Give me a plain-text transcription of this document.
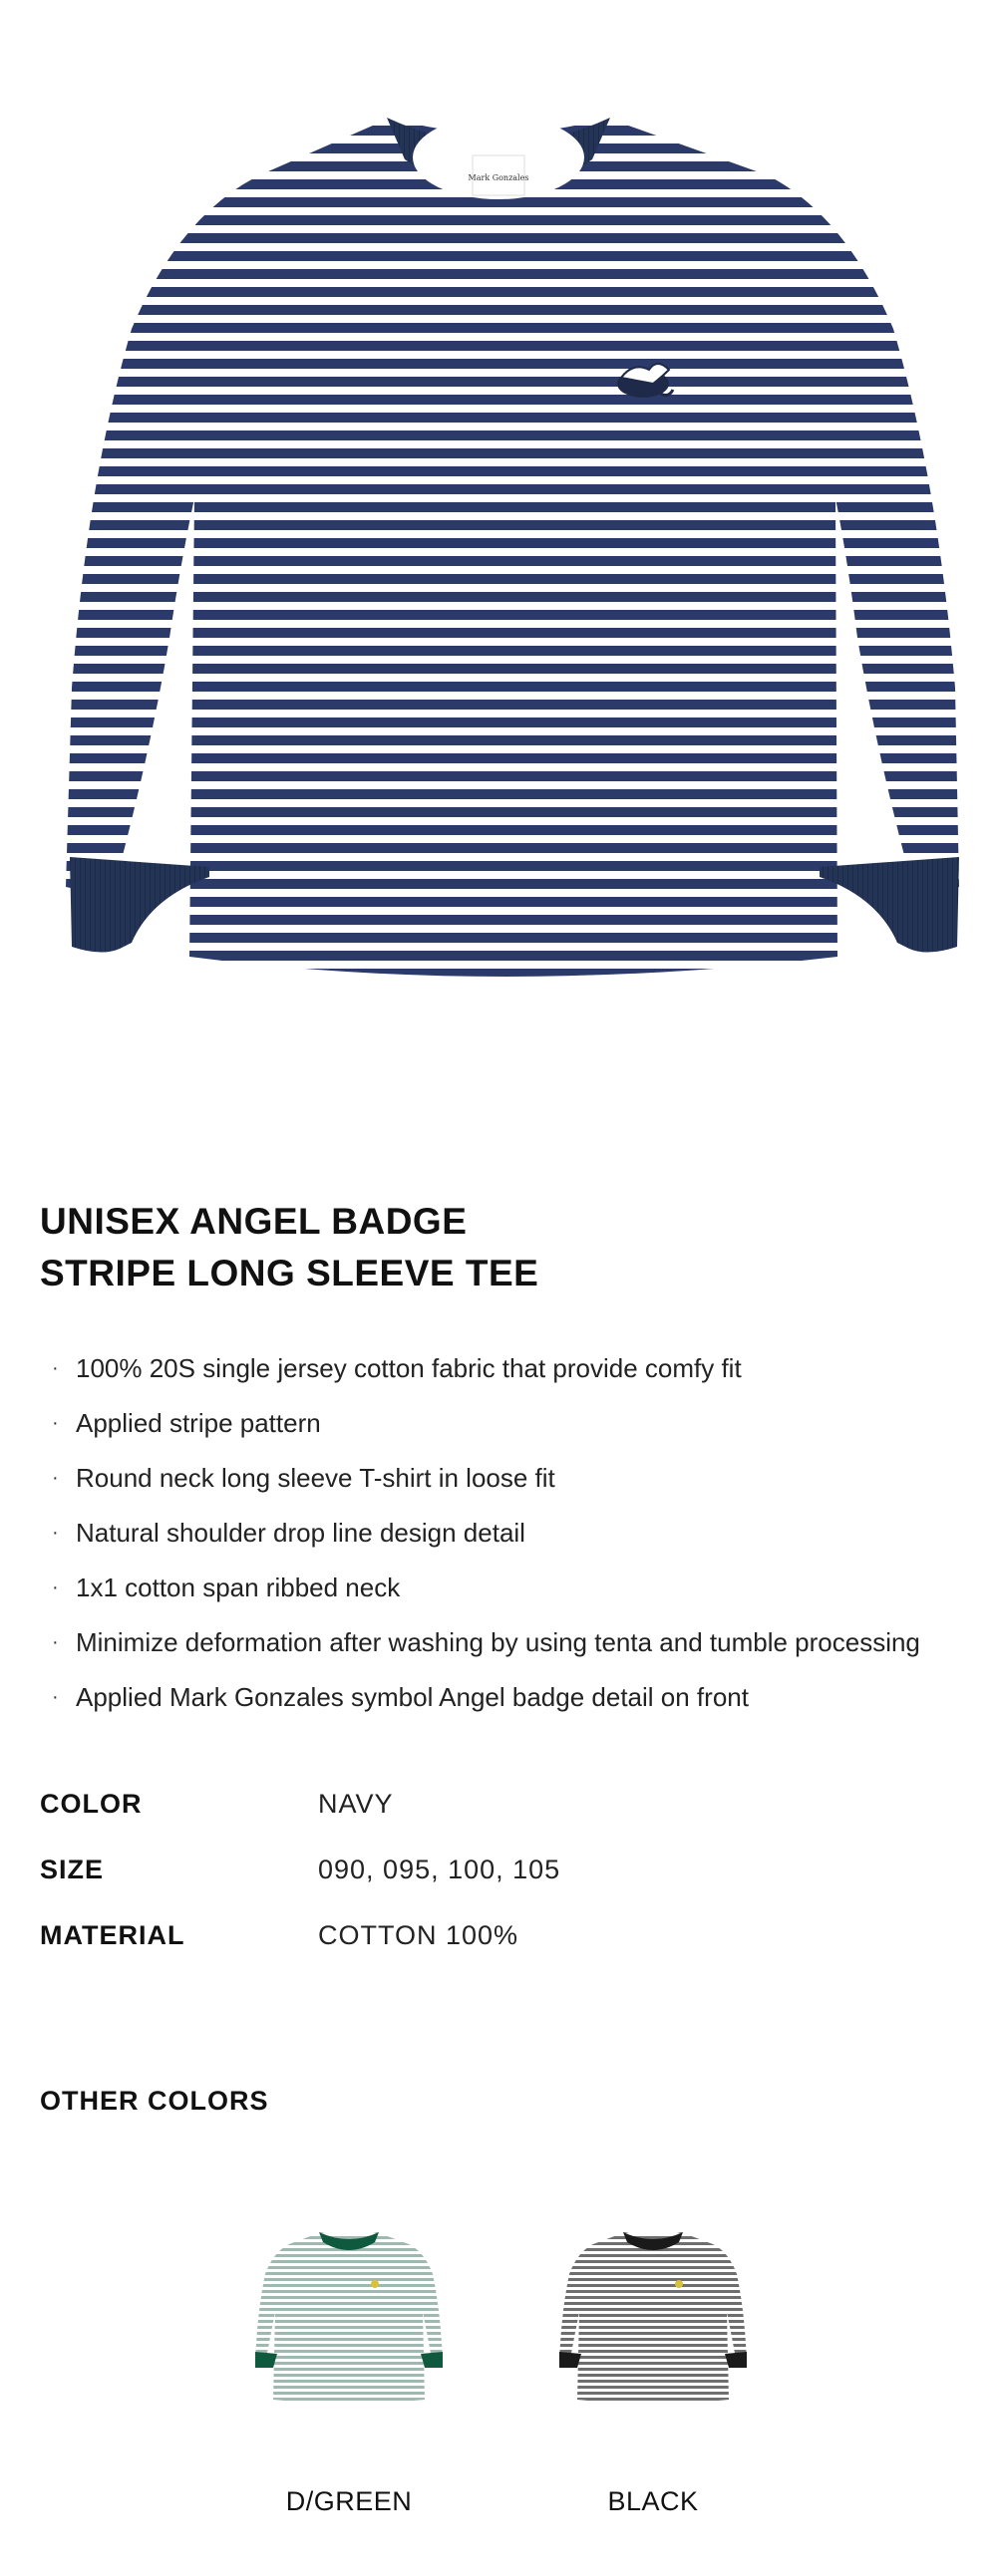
Mark Gonzales
UNISEX ANGEL BADGE
STRIPE LONG SLEEVE TEE
· 100% 20S single jersey cotton fabric that provide comfy fit
· Applied stripe pattern
· Round neck long sleeve T-shirt in loose fit
· Natural shoulder drop line design detail
· 1x1 cotton span ribbed neck
· Minimize deformation after washing by using tenta and tumble processing
· Applied Mark Gonzales symbol Angel badge detail on front
COLOR	NAVY
SIZE	090, 095, 100, 105
MATERIAL	COTTON 100%
OTHER COLORS
D/GREEN	BLACK
